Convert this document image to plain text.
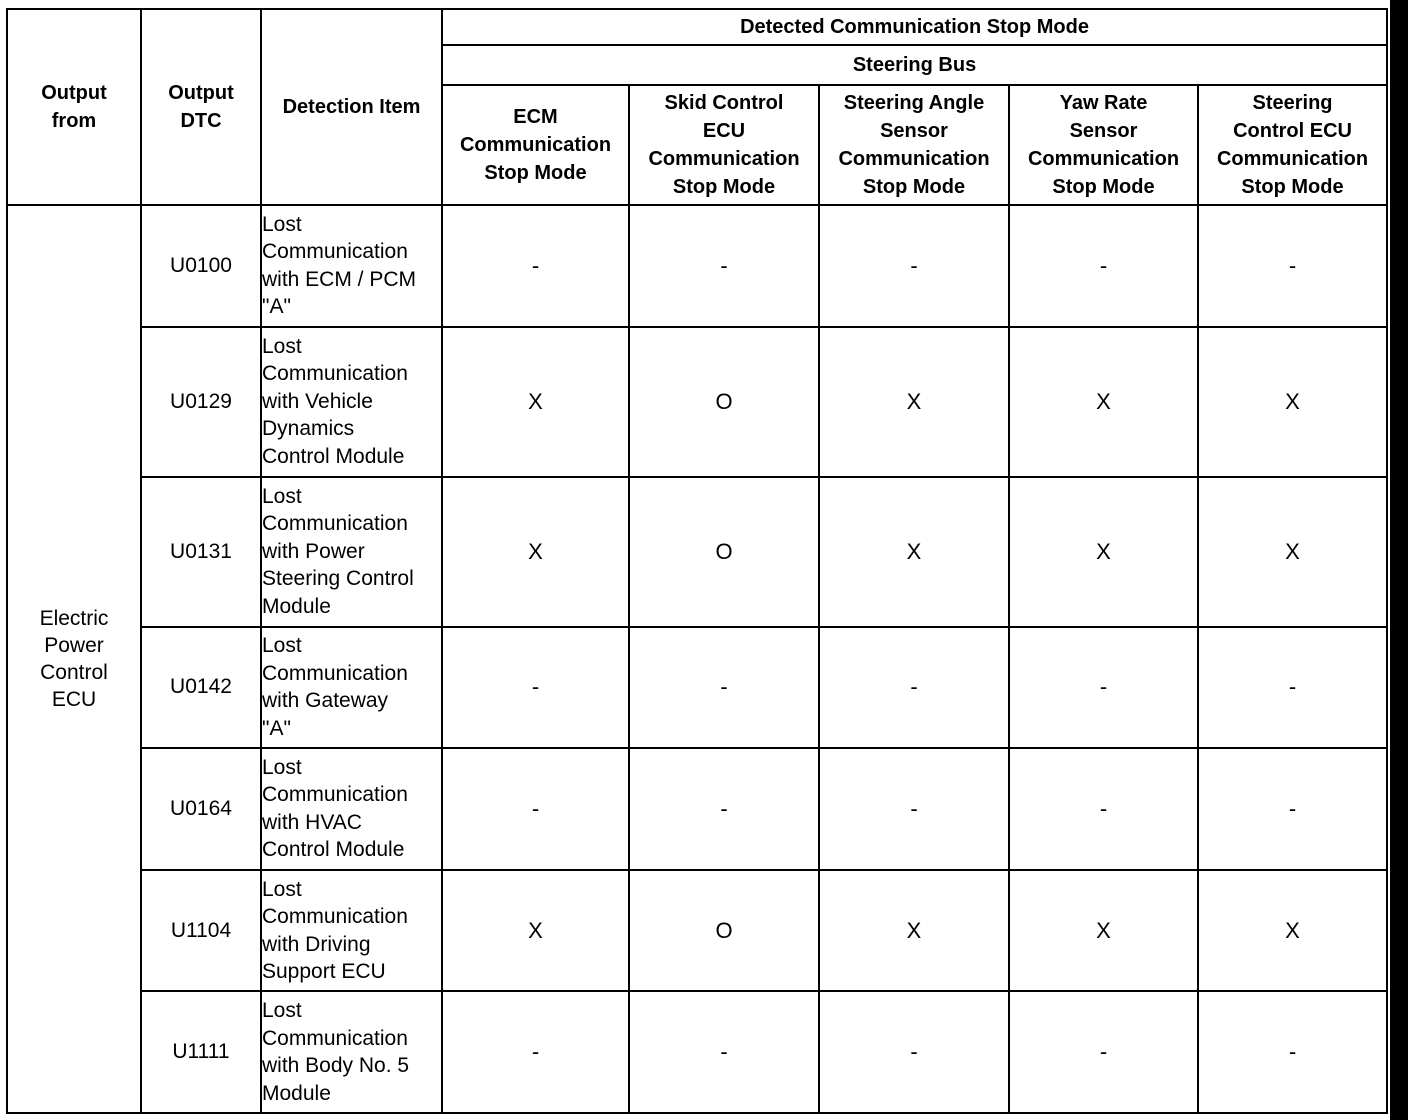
Output
from	Output
DTC	Detection Item	Detected Communication Stop Mode				
			Steering Bus				
			ECM
Communication
Stop Mode	Skid Control
ECU
Communication
Stop Mode	Steering Angle
Sensor
Communication
Stop Mode	Yaw Rate
Sensor
Communication
Stop Mode	Steering
Control ECU
Communication
Stop Mode
Electric
Power
Control
ECU	U0100	Lost
Communication
with ECM / PCM
"A"	-	-	-	-	-
	U0129	Lost
Communication
with Vehicle
Dynamics
Control Module	X	O	X	X	X
	U0131	Lost
Communication
with Power
Steering Control
Module	X	O	X	X	X
	U0142	Lost
Communication
with Gateway
"A"	-	-	-	-	-
	U0164	Lost
Communication
with HVAC
Control Module	-	-	-	-	-
	U1104	Lost
Communication
with Driving
Support ECU	X	O	X	X	X
	U1111	Lost
Communication
with Body No. 5
Module	-	-	-	-	-
